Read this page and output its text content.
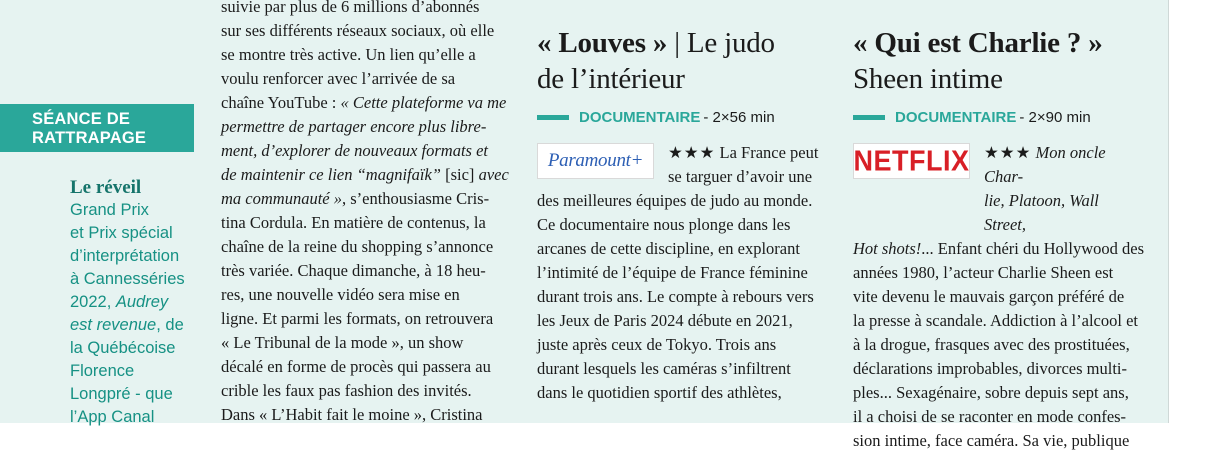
SÉANCE DE
RATTRAPAGE
Le réveil
Grand Prix
et Prix spécial
d’interprétation
à Cannesséries
2022, Audrey
est revenue, de
la Québécoise
Florence
Longpré - que
l’App Canal
suivie par plus de 6 millions d’abonnés
sur ses différents réseaux sociaux, où elle
se montre très active. Un lien qu’elle a
voulu renforcer avec l’arrivée de sa
chaîne YouTube : « Cette plateforme va me
permettre de partager encore plus libre-
ment, d’explorer de nouveaux formats et
de maintenir ce lien “magnifaïk” [sic] avec
ma communauté », s’enthousiasme Cris-
tina Cordula. En matière de contenus, la
chaîne de la reine du shopping s’annonce
très variée. Chaque dimanche, à 18 heu-
res, une nouvelle vidéo sera mise en
ligne. Et parmi les formats, on retrouvera
« Le Tribunal de la mode », un show
décalé en forme de procès qui passera au
crible les faux pas fashion des invités.
Dans « L’Habit fait le moine », Cristina
« Louves » | Le judo
de l’intérieur
DOCUMENTAIRE - 2×56 min
Paramount+ ★★★ La France peut
se targuer d’avoir une
des meilleures équipes de judo au monde.
Ce documentaire nous plonge dans les
arcanes de cette discipline, en explorant
l’intimité de l’équipe de France féminine
durant trois ans. Le compte à rebours vers
les Jeux de Paris 2024 débute en 2021,
juste après ceux de Tokyo. Trois ans
durant lesquels les caméras s’infiltrent
dans le quotidien sportif des athlètes,
« Qui est Charlie ? »
Sheen intime
DOCUMENTAIRE - 2×90 min
NETFLIX ★★★ Mon oncle Char-
lie, Platoon, Wall Street,
Hot shots!... Enfant chéri du Hollywood des
années 1980, l’acteur Charlie Sheen est
vite devenu le mauvais garçon préféré de
la presse à scandale. Addiction à l’alcool et
à la drogue, frasques avec des prostituées,
déclarations improbables, divorces multi-
ples... Sexagénaire, sobre depuis sept ans,
il a choisi de se raconter en mode confes-
sion intime, face caméra. Sa vie, publique
